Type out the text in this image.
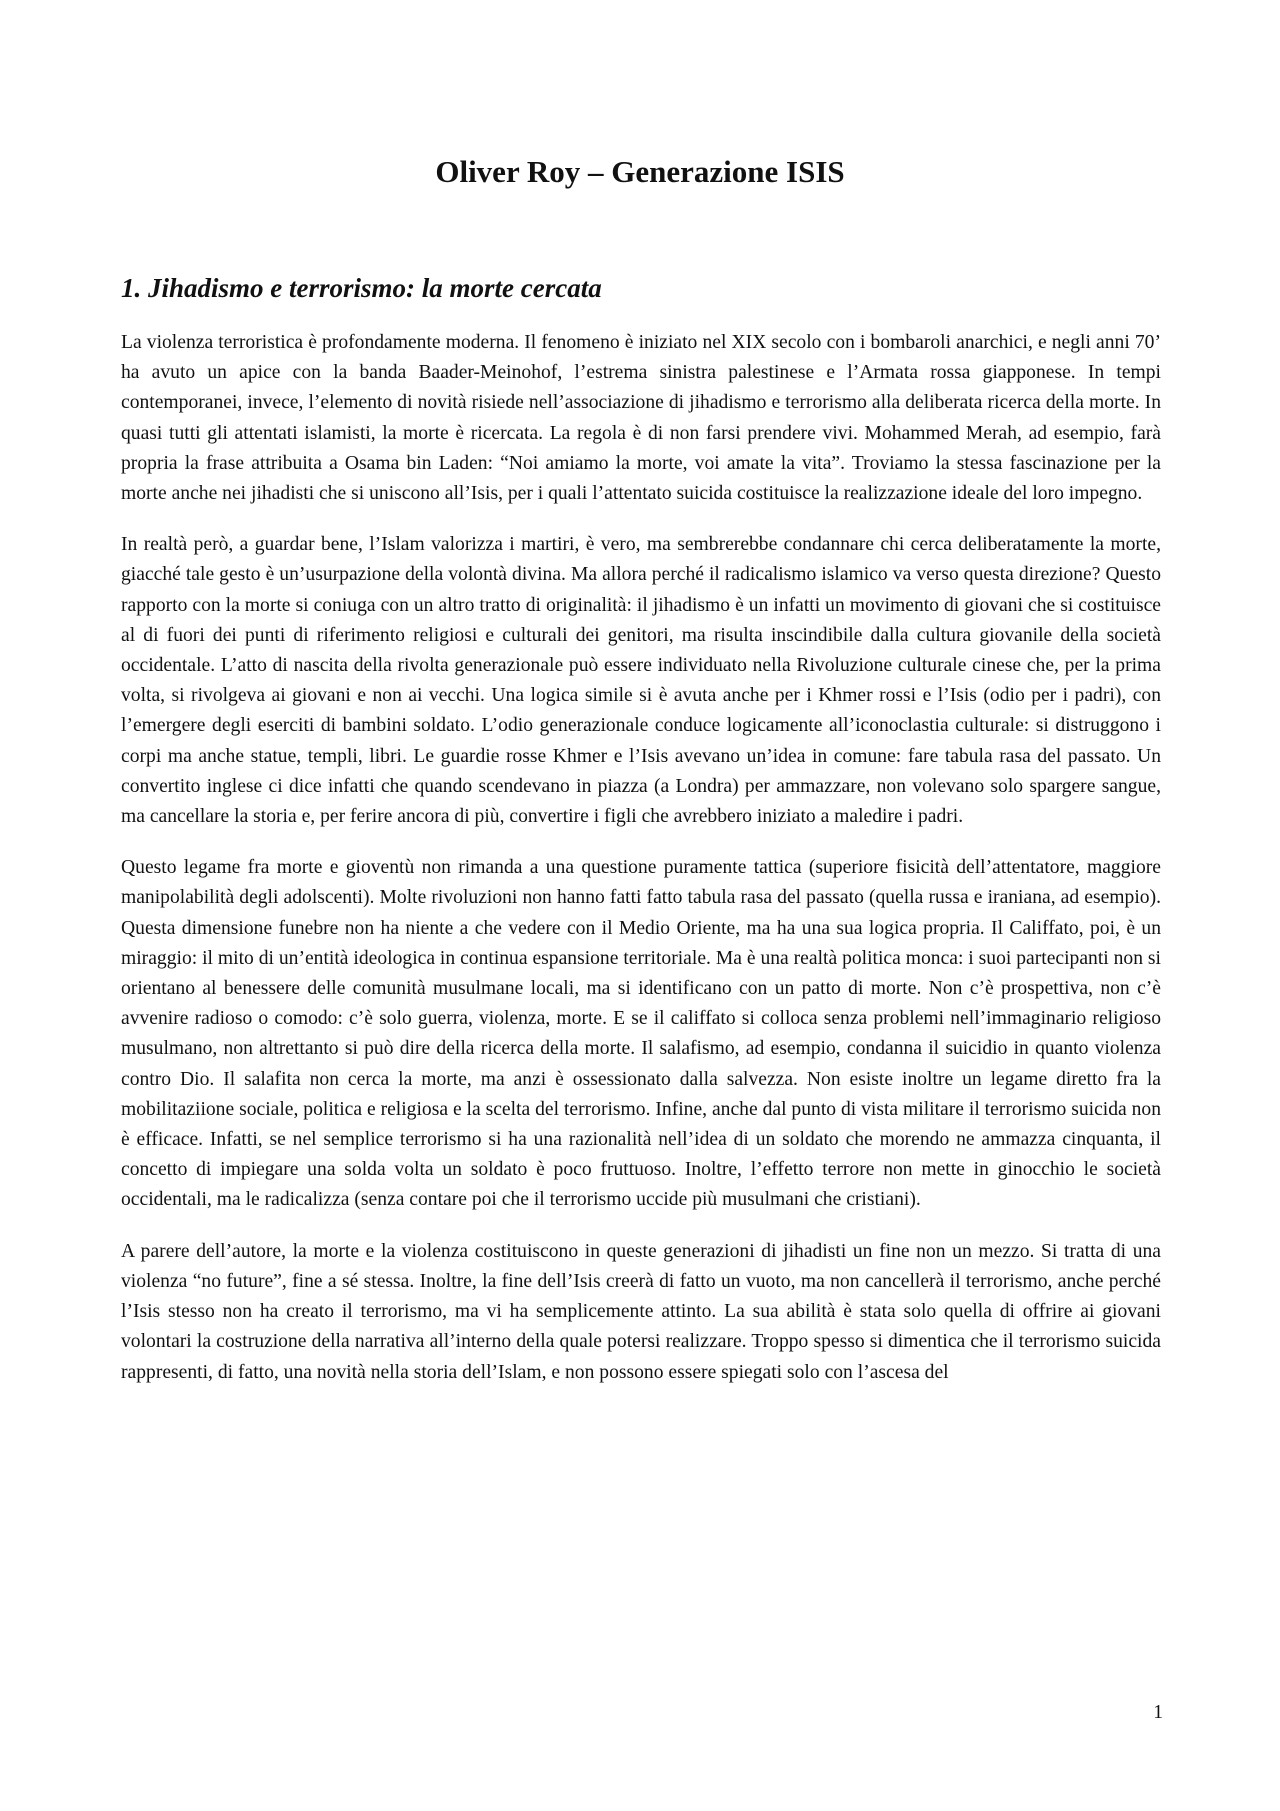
Oliver Roy – Generazione ISIS
1. Jihadismo e terrorismo: la morte cercata

La violenza terroristica è profondamente moderna. Il fenomeno è iniziato nel XIX secolo con i bombaroli anarchici, e negli anni 70’ ha avuto un apice con la banda Baader-Meinohof, l’estrema sinistra palestinese e l’Armata rossa giapponese. In tempi contemporanei, invece, l’elemento di novità risiede nell’associazione di jihadismo e terrorismo alla deliberata ricerca della morte. In quasi tutti gli attentati islamisti, la morte è ricercata. La regola è di non farsi prendere vivi. Mohammed Merah, ad esempio, farà propria la frase attribuita a Osama bin Laden: “Noi amiamo la morte, voi amate la vita”. Troviamo la stessa fascinazione per la morte anche nei jihadisti che si uniscono all’Isis, per i quali l’attentato suicida costituisce la realizzazione ideale del loro impegno.

In realtà però, a guardar bene, l’Islam valorizza i martiri, è vero, ma sembrerebbe condannare chi cerca deliberatamente la morte, giacché tale gesto è un’usurpazione della volontà divina. Ma allora perché il radicalismo islamico va verso questa direzione? Questo rapporto con la morte si coniuga con un altro tratto di originalità: il jihadismo è un infatti un movimento di giovani che si costituisce al di fuori dei punti di riferimento religiosi e culturali dei genitori, ma risulta inscindibile dalla cultura giovanile della società occidentale. L’atto di nascita della rivolta generazionale può essere individuato nella Rivoluzione culturale cinese che, per la prima volta, si rivolgeva ai giovani e non ai vecchi. Una logica simile si è avuta anche per i Khmer rossi e l’Isis (odio per i padri), con l’emergere degli eserciti di bambini soldato. L’odio generazionale conduce logicamente all’iconoclastia culturale: si distruggono i corpi ma anche statue, templi, libri. Le guardie rosse Khmer e l’Isis avevano un’idea in comune: fare tabula rasa del passato. Un convertito inglese ci dice infatti che quando scendevano in piazza (a Londra) per ammazzare, non volevano solo spargere sangue, ma cancellare la storia e, per ferire ancora di più, convertire i figli che avrebbero iniziato a maledire i padri.

Questo legame fra morte e gioventù non rimanda a una questione puramente tattica (superiore fisicità dell’attentatore, maggiore manipolabilità degli adolscenti). Molte rivoluzioni non hanno fatti fatto tabula rasa del passato (quella russa e iraniana, ad esempio). Questa dimensione funebre non ha niente a che vedere con il Medio Oriente, ma ha una sua logica propria. Il Califfato, poi, è un miraggio: il mito di un’entità ideologica in continua espansione territoriale. Ma è una realtà politica monca: i suoi partecipanti non si orientano al benessere delle comunità musulmane locali, ma si identificano con un patto di morte. Non c’è prospettiva, non c’è avvenire radioso o comodo: c’è solo guerra, violenza, morte. E se il califfato si colloca senza problemi nell’immaginario religioso musulmano, non altrettanto si può dire della ricerca della morte. Il salafismo, ad esempio, condanna il suicidio in quanto violenza contro Dio. Il salafita non cerca la morte, ma anzi è ossessionato dalla salvezza. Non esiste inoltre un legame diretto fra la mobilitaziione sociale, politica e religiosa e la scelta del terrorismo. Infine, anche dal punto di vista militare il terrorismo suicida non è efficace. Infatti, se nel semplice terrorismo si ha una razionalità nell’idea di un soldato che morendo ne ammazza cinquanta, il concetto di impiegare una solda volta un soldato è poco fruttuoso. Inoltre, l’effetto terrore non mette in ginocchio le società occidentali, ma le radicalizza (senza contare poi che il terrorismo uccide più musulmani che cristiani).

A parere dell’autore, la morte e la violenza costituiscono in queste generazioni di jihadisti un fine non un mezzo. Si tratta di una violenza “no future”, fine a sé stessa. Inoltre, la fine dell’Isis creerà di fatto un vuoto, ma non cancellerà il terrorismo, anche perché l’Isis stesso non ha creato il terrorismo, ma vi ha semplicemente attinto. La sua abilità è stata solo quella di offrire ai giovani volontari la costruzione della narrativa all’interno della quale potersi realizzare. Troppo spesso si dimentica che il terrorismo suicida rappresenti, di fatto, una novità nella storia dell’Islam, e non possono essere spiegati solo con l’ascesa del

1
